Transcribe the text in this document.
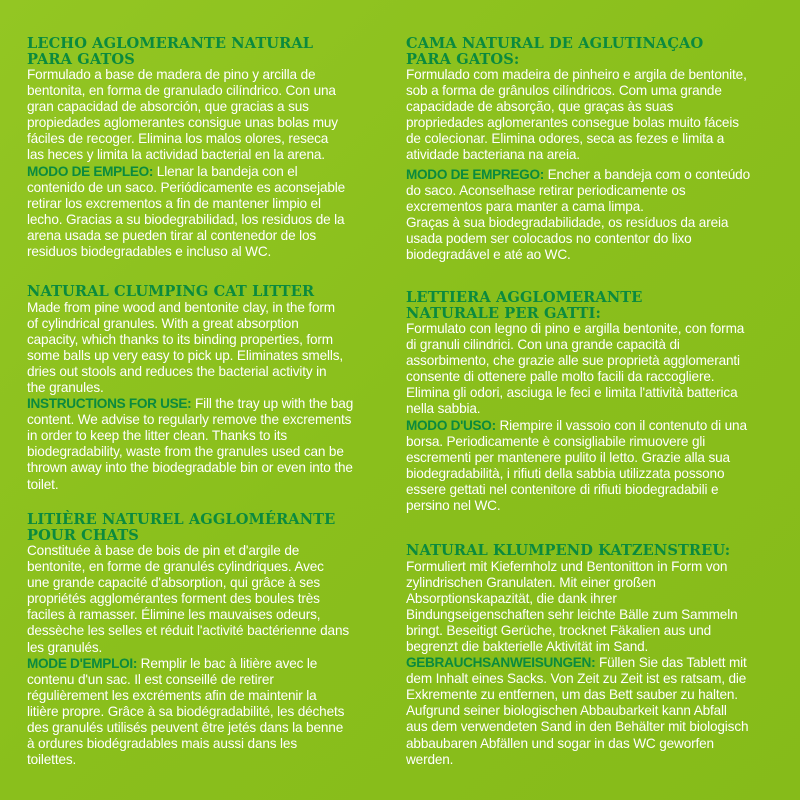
LECHO AGLOMERANTE NATURAL
PARA GATOS

Formulado a base de madera de pino y arcilla de
bentonita, en forma de granulado cilíndrico. Con una
gran capacidad de absorción, que gracias a sus
propiedades aglomerantes consigue unas bolas muy
fáciles de recoger. Elimina los malos olores, reseca
las heces y limita la actividad bacterial en la arena.

MODO DE EMPLEO: Llenar la bandeja con el
contenido de un saco. Periódicamente es aconsejable
retirar los excrementos a fin de mantener limpio el
lecho. Gracias a su biodegrabilidad, los residuos de la
arena usada se pueden tirar al contenedor de los
residuos biodegradables e incluso al WC.

NATURAL CLUMPING CAT LITTER

Made from pine wood and bentonite clay, in the form
of cylindrical granules. With a great absorption
capacity, which thanks to its binding properties, form
some balls up very easy to pick up. Eliminates smells,
dries out stools and reduces the bacterial activity in
the granules.

INSTRUCTIONS FOR USE: Fill the tray up with the bag
content. We advise to regularly remove the excrements
in order to keep the litter clean. Thanks to its
biodegradability, waste from the granules used can be
thrown away into the biodegradable bin or even into the
toilet.

LITIÈRE NATUREL AGGLOMÉRANTE
POUR CHATS

Constituée à base de bois de pin et d'argile de
bentonite, en forme de granulés cylindriques. Avec
une grande capacité d'absorption, qui grâce à ses
propriétés agglomérantes forment des boules très
faciles à ramasser. Élimine les mauvaises odeurs,
dessèche les selles et réduit l'activité bactérienne dans
les granulés.

MODE D'EMPLOI: Remplir le bac à litière avec le
contenu d'un sac. Il est conseillé de retirer
régulièrement les excréments afin de maintenir la
litière propre. Grâce à sa biodégradabilité, les déchets
des granulés utilisés peuvent être jetés dans la benne
à ordures biodégradables mais aussi dans les
toilettes.

CAMA NATURAL DE AGLUTINAÇAO
PARA GATOS:

Formulado com madeira de pinheiro e argila de bentonite,
sob a forma de grânulos cilíndricos. Com uma grande
capacidade de absorção, que graças às suas
propriedades aglomerantes consegue bolas muito fáceis
de colecionar. Elimina odores, seca as fezes e limita a
atividade bacteriana na areia.

MODO DE EMPREGO: Encher a bandeja com o conteúdo
do saco. Aconselhase retirar periodicamente os
excrementos para manter a cama limpa.
Graças à sua biodegradabilidade, os resíduos da areia
usada podem ser colocados no contentor do lixo
biodegradável e até ao WC.

LETTIERA AGGLOMERANTE
NATURALE PER GATTI:

Formulato con legno di pino e argilla bentonite, con forma
di granuli cilindrici. Con una grande capacità di
assorbimento, che grazie alle sue proprietà agglomeranti
consente di ottenere palle molto facili da raccogliere.
Elimina gli odori, asciuga le feci e limita l'attività batterica
nella sabbia.

MODO D'USO: Riempire il vassoio con il contenuto di una
borsa. Periodicamente è consigliabile rimuovere gli
escrementi per mantenere pulito il letto. Grazie alla sua
biodegradabilità, i rifiuti della sabbia utilizzata possono
essere gettati nel contenitore di rifiuti biodegradabili e
persino nel WC.

NATURAL KLUMPEND KATZENSTREU:

Formuliert mit Kiefernholz und Bentonitton in Form von
zylindrischen Granulaten. Mit einer großen
Absorptionskapazität, die dank ihrer
Bindungseigenschaften sehr leichte Bälle zum Sammeln
bringt. Beseitigt Gerüche, trocknet Fäkalien aus und
begrenzt die bakterielle Aktivität im Sand.

GEBRAUCHSANWEISUNGEN: Füllen Sie das Tablett mit
dem Inhalt eines Sacks. Von Zeit zu Zeit ist es ratsam, die
Exkremente zu entfernen, um das Bett sauber zu halten.
Aufgrund seiner biologischen Abbaubarkeit kann Abfall
aus dem verwendeten Sand in den Behälter mit biologisch
abbaubaren Abfällen und sogar in das WC geworfen
werden.
